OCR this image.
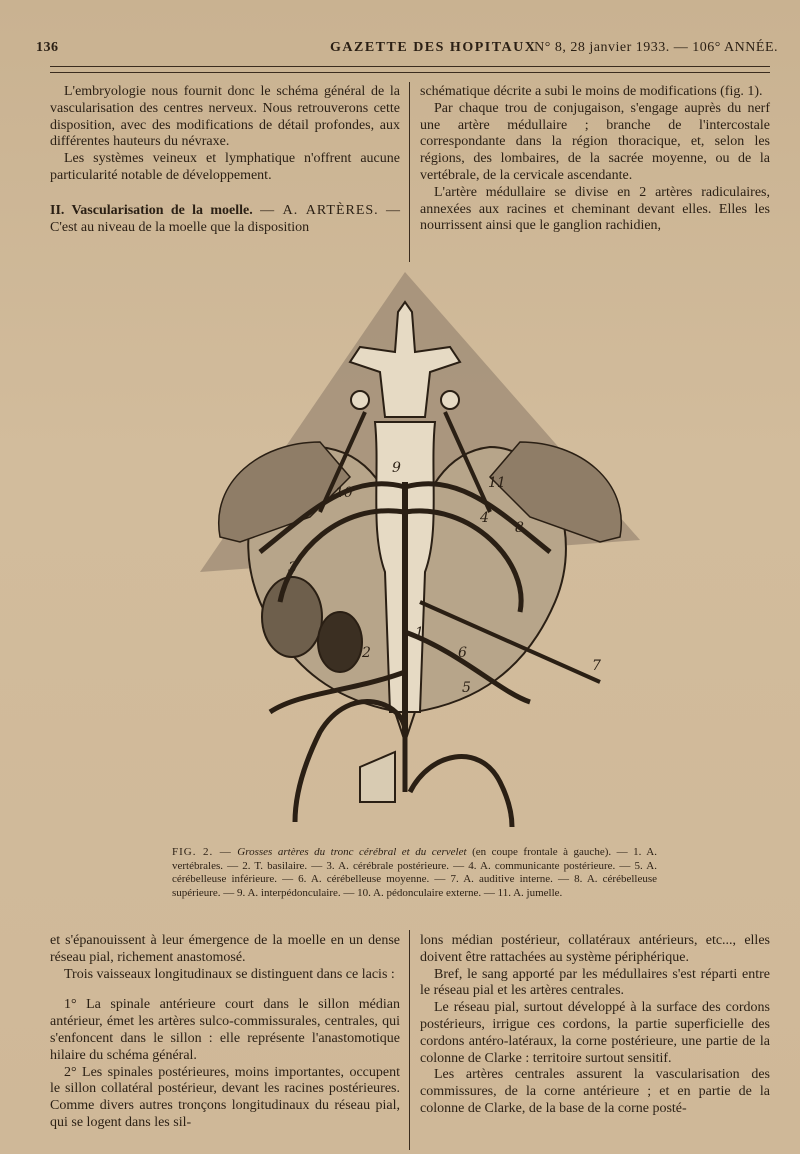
136	GAZETTE DES HOPITAUX
N° 8, 28 janvier 1933. — 106° ANNÉE.

L'embryologie nous fournit donc le schéma général de la vascularisation des centres nerveux. Nous retrouverons cette disposition, avec des modifications de détail profondes, aux différentes hauteurs du névraxe.

Les systèmes veineux et lymphatique n'offrent aucune particularité notable de développement.

II. Vascularisation de la moelle. — A. ARTÈRES. — C'est au niveau de la moelle que la disposition

schématique décrite a subi le moins de modifications (fig. 1).

Par chaque trou de conjugaison, s'engage auprès du nerf une artère médullaire ; branche de l'intercostale correspondante dans la région thoracique, et, selon les régions, des lombaires, de la sacrée moyenne, ou de la vertébrale, de la cervicale ascendante.

L'artère médullaire se divise en 2 artères radiculaires, annexées aux racines et cheminant devant elles. Elles les nourrissent ainsi que le ganglion rachidien,

1
2
3
4
5
6
7
8
9
10
11
FIG. 2. — Grosses artères du tronc cérébral et du cervelet (en coupe frontale à gauche). — 1. A. vertébrales. — 2. T. basilaire. — 3. A. cérébrale postérieure. — 4. A. communicante postérieure. — 5. A. cérébelleuse inférieure. — 6. A. cérébelleuse moyenne. — 7. A. auditive interne. — 8. A. cérébelleuse supérieure. — 9. A. interpédonculaire. — 10. A. pédonculaire externe. — 11. A. jumelle.

et s'épanouissent à leur émergence de la moelle en un dense réseau pial, richement anastomosé.

Trois vaisseaux longitudinaux se distinguent dans ce lacis :

1° La spinale antérieure court dans le sillon médian antérieur, émet les artères sulco-commissurales, centrales, qui s'enfoncent dans le sillon : elle représente l'anastomotique hilaire du schéma général.

2° Les spinales postérieures, moins importantes, occupent le sillon collatéral postérieur, devant les racines postérieures. Comme divers autres tronçons longitudinaux du réseau pial, qui se logent dans les sil-

lons médian postérieur, collatéraux antérieurs, etc..., elles doivent être rattachées au système périphérique.

Bref, le sang apporté par les médullaires s'est réparti entre le réseau pial et les artères centrales.

Le réseau pial, surtout développé à la surface des cordons postérieurs, irrigue ces cordons, la partie superficielle des cordons antéro-latéraux, la corne postérieure, une partie de la colonne de Clarke : territoire surtout sensitif.

Les artères centrales assurent la vascularisation des commissures, de la corne antérieure ; et en partie de la colonne de Clarke, de la base de la corne posté-
